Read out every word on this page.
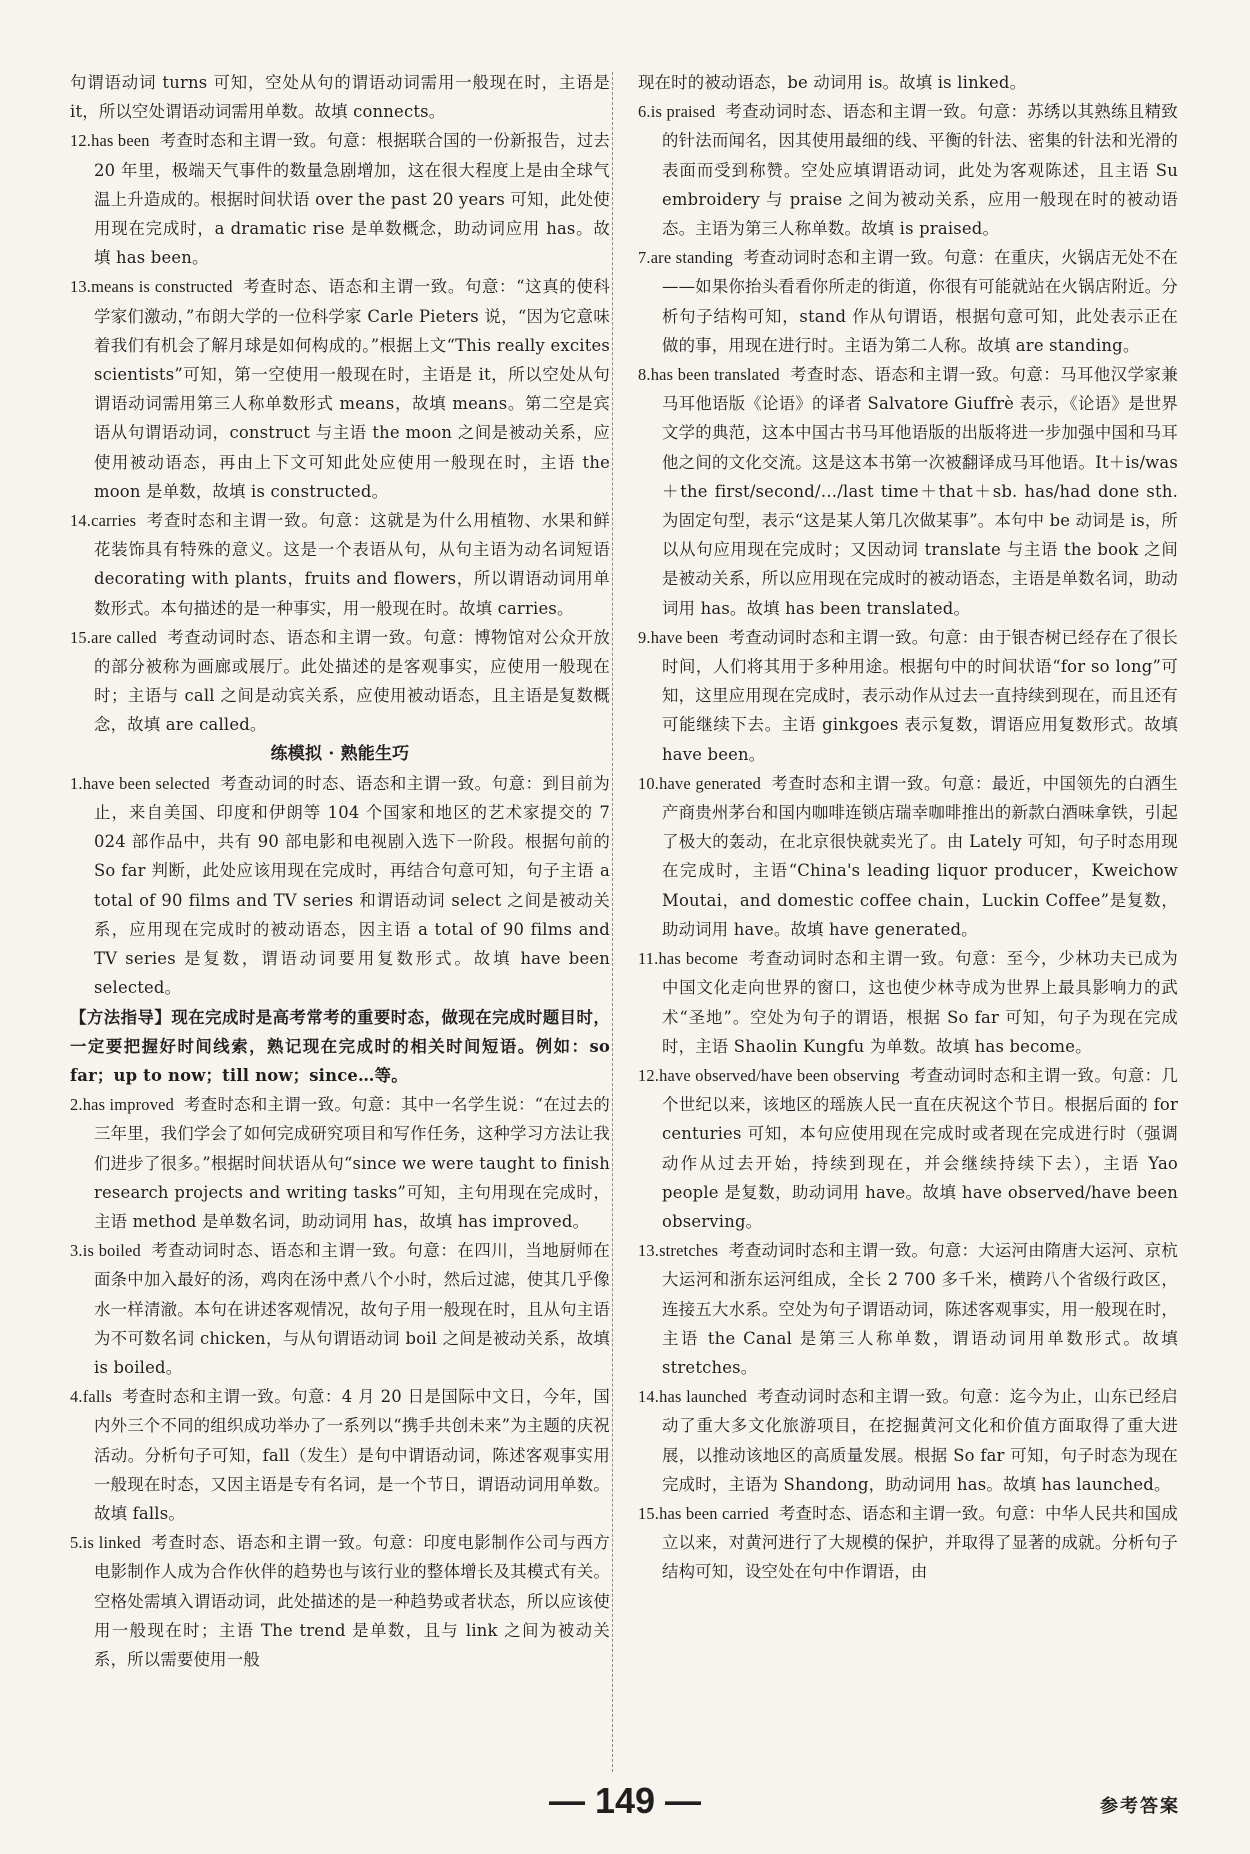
句谓语动词 turns 可知，空处从句的谓语动词需用一般现在时，主语是 it，所以空处谓语动词需用单数。故填 connects。

12.has been 考查时态和主谓一致。句意：根据联合国的一份新报告，过去 20 年里，极端天气事件的数量急剧增加，这在很大程度上是由全球气温上升造成的。根据时间状语 over the past 20 years 可知，此处使用现在完成时，a dramatic rise 是单数概念，助动词应用 has。故填 has been。

13.means is constructed 考查时态、语态和主谓一致。句意：“这真的使科学家们激动，”布朗大学的一位科学家 Carle Pieters 说，“因为它意味着我们有机会了解月球是如何构成的。”根据上文“This really excites scientists”可知，第一空使用一般现在时，主语是 it，所以空处从句谓语动词需用第三人称单数形式 means，故填 means。第二空是宾语从句谓语动词，construct 与主语 the moon 之间是被动关系，应使用被动语态，再由上下文可知此处应使用一般现在时，主语 the moon 是单数，故填 is constructed。

14.carries 考查时态和主谓一致。句意：这就是为什么用植物、水果和鲜花装饰具有特殊的意义。这是一个表语从句，从句主语为动名词短语 decorating with plants，fruits and flowers，所以谓语动词用单数形式。本句描述的是一种事实，用一般现在时。故填 carries。

15.are called 考查动词时态、语态和主谓一致。句意：博物馆对公众开放的部分被称为画廊或展厅。此处描述的是客观事实，应使用一般现在时；主语与 call 之间是动宾关系，应使用被动语态，且主语是复数概念，故填 are called。

练模拟 · 熟能生巧

1.have been selected 考查动词的时态、语态和主谓一致。句意：到目前为止，来自美国、印度和伊朗等 104 个国家和地区的艺术家提交的 7 024 部作品中，共有 90 部电影和电视剧入选下一阶段。根据句前的 So far 判断，此处应该用现在完成时，再结合句意可知，句子主语 a total of 90 films and TV series 和谓语动词 select 之间是被动关系，应用现在完成时的被动语态，因主语 a total of 90 films and TV series 是复数，谓语动词要用复数形式。故填 have been selected。

【方法指导】现在完成时是高考常考的重要时态，做现在完成时题目时，一定要把握好时间线索，熟记现在完成时的相关时间短语。例如：so far；up to now；till now；since…等。

2.has improved 考查时态和主谓一致。句意：其中一名学生说：“在过去的三年里，我们学会了如何完成研究项目和写作任务，这种学习方法让我们进步了很多。”根据时间状语从句“since we were taught to finish research projects and writing tasks”可知，主句用现在完成时，主语 method 是单数名词，助动词用 has，故填 has improved。

3.is boiled 考查动词时态、语态和主谓一致。句意：在四川，当地厨师在面条中加入最好的汤，鸡肉在汤中煮八个小时，然后过滤，使其几乎像水一样清澈。本句在讲述客观情况，故句子用一般现在时，且从句主语为不可数名词 chicken，与从句谓语动词 boil 之间是被动关系，故填 is boiled。

4.falls 考查时态和主谓一致。句意：4 月 20 日是国际中文日，今年，国内外三个不同的组织成功举办了一系列以“携手共创未来”为主题的庆祝活动。分析句子可知，fall（发生）是句中谓语动词，陈述客观事实用一般现在时态，又因主语是专有名词，是一个节日，谓语动词用单数。故填 falls。

5.is linked 考查时态、语态和主谓一致。句意：印度电影制作公司与西方电影制作人成为合作伙伴的趋势也与该行业的整体增长及其模式有关。空格处需填入谓语动词，此处描述的是一种趋势或者状态，所以应该使用一般现在时；主语 The trend 是单数，且与 link 之间为被动关系，所以需要使用一般

现在时的被动语态，be 动词用 is。故填 is linked。

6.is praised 考查动词时态、语态和主谓一致。句意：苏绣以其熟练且精致的针法而闻名，因其使用最细的线、平衡的针法、密集的针法和光滑的表面而受到称赞。空处应填谓语动词，此处为客观陈述，且主语 Su embroidery 与 praise 之间为被动关系，应用一般现在时的被动语态。主语为第三人称单数。故填 is praised。

7.are standing 考查动词时态和主谓一致。句意：在重庆，火锅店无处不在——如果你抬头看看你所走的街道，你很有可能就站在火锅店附近。分析句子结构可知，stand 作从句谓语，根据句意可知，此处表示正在做的事，用现在进行时。主语为第二人称。故填 are standing。

8.has been translated 考查时态、语态和主谓一致。句意：马耳他汉学家兼马耳他语版《论语》的译者 Salvatore Giuffrè 表示，《论语》是世界文学的典范，这本中国古书马耳他语版的出版将进一步加强中国和马耳他之间的文化交流。这是这本书第一次被翻译成马耳他语。It＋is/was＋the first/second/…/last time＋that＋sb. has/had done sth. 为固定句型，表示“这是某人第几次做某事”。本句中 be 动词是 is，所以从句应用现在完成时；又因动词 translate 与主语 the book 之间是被动关系，所以应用现在完成时的被动语态，主语是单数名词，助动词用 has。故填 has been translated。

9.have been 考查动词时态和主谓一致。句意：由于银杏树已经存在了很长时间，人们将其用于多种用途。根据句中的时间状语“for so long”可知，这里应用现在完成时，表示动作从过去一直持续到现在，而且还有可能继续下去。主语 ginkgoes 表示复数，谓语应用复数形式。故填 have been。

10.have generated 考查时态和主谓一致。句意：最近，中国领先的白酒生产商贵州茅台和国内咖啡连锁店瑞幸咖啡推出的新款白酒味拿铁，引起了极大的轰动，在北京很快就卖光了。由 Lately 可知，句子时态用现在完成时，主语“China's leading liquor producer，Kweichow Moutai，and domestic coffee chain，Luckin Coffee”是复数，助动词用 have。故填 have generated。

11.has become 考查动词时态和主谓一致。句意：至今，少林功夫已成为中国文化走向世界的窗口，这也使少林寺成为世界上最具影响力的武术“圣地”。空处为句子的谓语，根据 So far 可知，句子为现在完成时，主语 Shaolin Kungfu 为单数。故填 has become。

12.have observed/have been observing 考查动词时态和主谓一致。句意：几个世纪以来，该地区的瑶族人民一直在庆祝这个节日。根据后面的 for centuries 可知，本句应使用现在完成时或者现在完成进行时（强调动作从过去开始，持续到现在，并会继续持续下去），主语 Yao people 是复数，助动词用 have。故填 have observed/have been observing。

13.stretches 考查动词时态和主谓一致。句意：大运河由隋唐大运河、京杭大运河和浙东运河组成，全长 2 700 多千米，横跨八个省级行政区，连接五大水系。空处为句子谓语动词，陈述客观事实，用一般现在时，主语 the Canal 是第三人称单数，谓语动词用单数形式。故填 stretches。

14.has launched 考查动词时态和主谓一致。句意：迄今为止，山东已经启动了重大多文化旅游项目，在挖掘黄河文化和价值方面取得了重大进展，以推动该地区的高质量发展。根据 So far 可知，句子时态为现在完成时，主语为 Shandong，助动词用 has。故填 has launched。

15.has been carried 考查时态、语态和主谓一致。句意：中华人民共和国成立以来，对黄河进行了大规模的保护，并取得了显著的成就。分析句子结构可知，设空处在句中作谓语，由

— 149 —	参考答案
